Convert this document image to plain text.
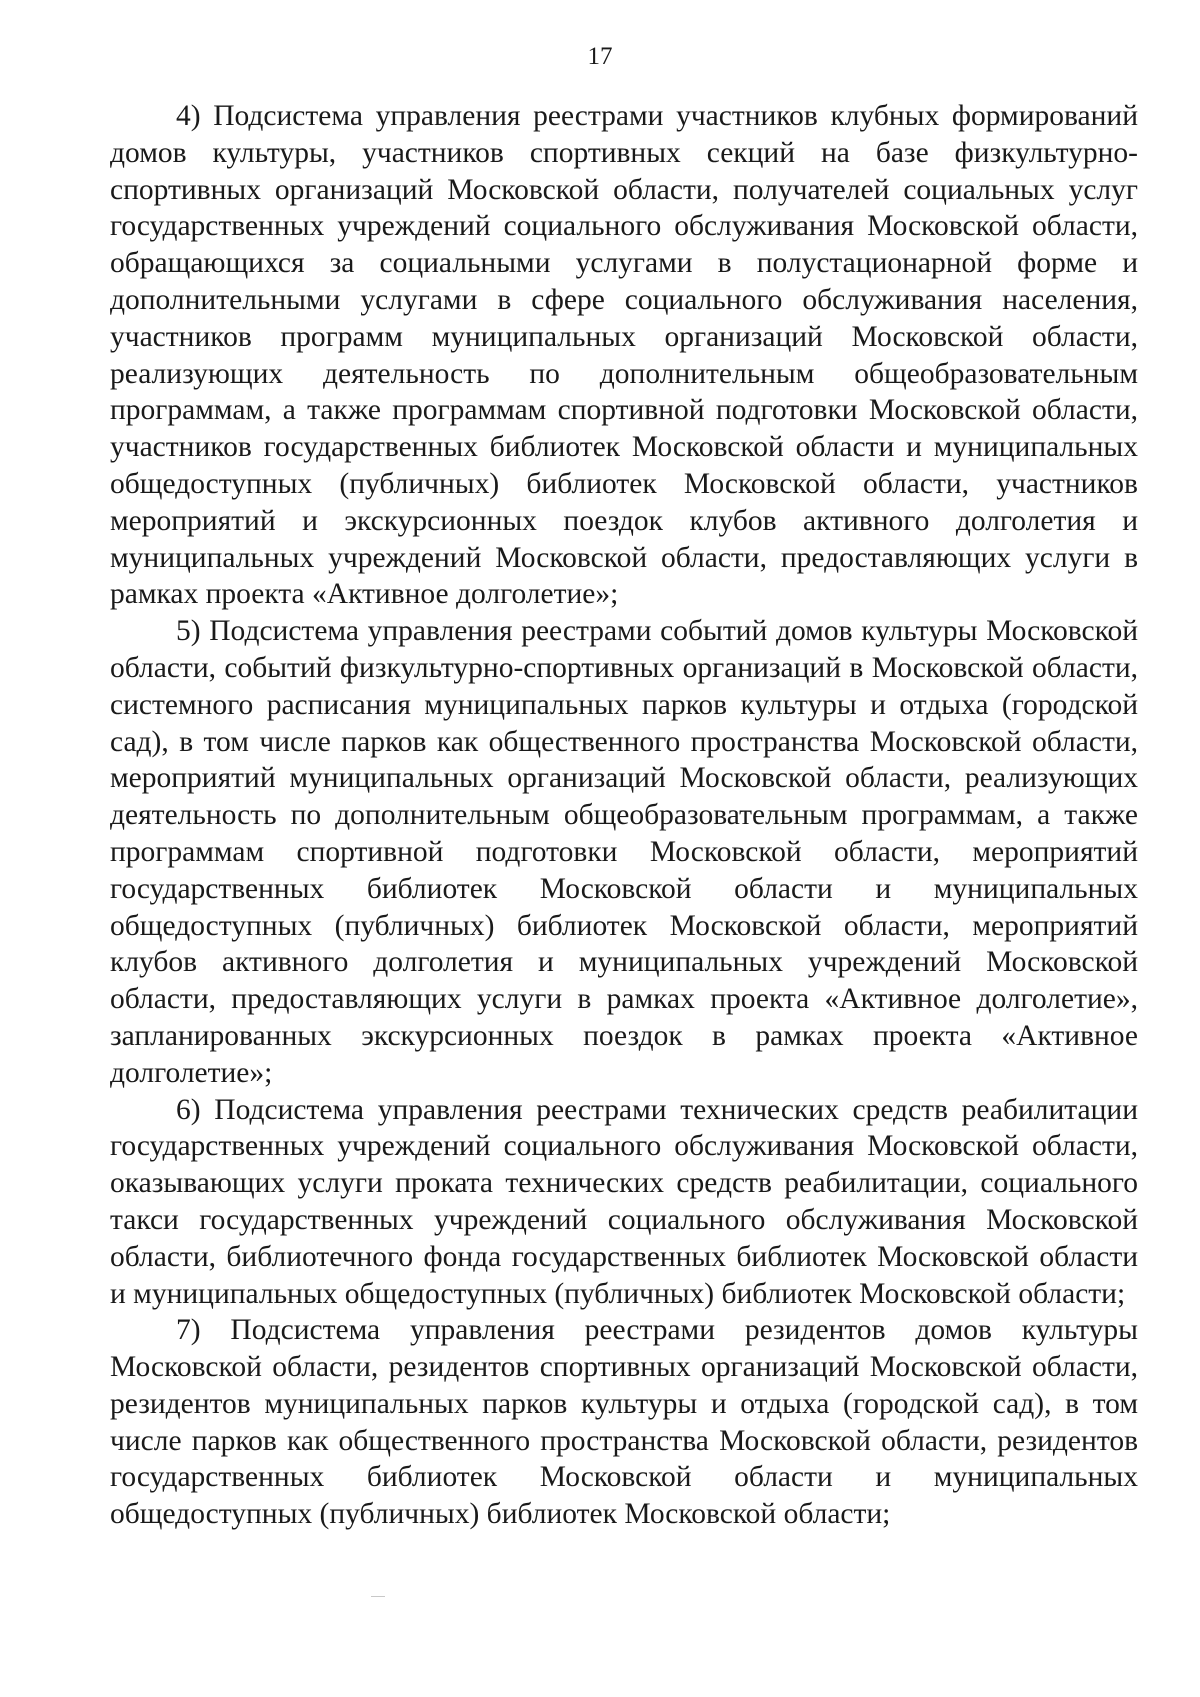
17

4) Подсистема управления реестрами участников клубных формирований домов культуры, участников спортивных секций на базе физкультурно-спортивных организаций Московской области, получателей социальных услуг государственных учреждений социального обслуживания Московской области, обращающихся за социальными услугами в полустационарной форме и дополнительными услугами в сфере социального обслуживания населения, участников программ муниципальных организаций Московской области, реализующих деятельность по дополнительным общеобразовательным программам, а также программам спортивной подготовки Московской области, участников государственных библиотек Московской области и муниципальных общедоступных (публичных) библиотек Московской области, участников мероприятий и экскурсионных поездок клубов активного долголетия и муниципальных учреждений Московской области, предоставляющих услуги в рамках проекта «Активное долголетие»;

5) Подсистема управления реестрами событий домов культуры Московской области, событий физкультурно-спортивных организаций в Московской области, системного расписания муниципальных парков культуры и отдыха (городской сад), в том числе парков как общественного пространства Московской области, мероприятий муниципальных организаций Московской области, реализующих деятельность по дополнительным общеобразовательным программам, а также программам спортивной подготовки Московской области, мероприятий государственных библиотек Московской области и муниципальных общедоступных (публичных) библиотек Московской области, мероприятий клубов активного долголетия и муниципальных учреждений Московской области, предоставляющих услуги в рамках проекта «Активное долголетие», запланированных экскурсионных поездок в рамках проекта «Активное долголетие»;

6) Подсистема управления реестрами технических средств реабилитации государственных учреждений социального обслуживания Московской области, оказывающих услуги проката технических средств реабилитации, социального такси государственных учреждений социального обслуживания Московской области, библиотечного фонда государственных библиотек Московской области и муниципальных общедоступных (публичных) библиотек Московской области;

7) Подсистема управления реестрами резидентов домов культуры Московской области, резидентов спортивных организаций Московской области, резидентов муниципальных парков культуры и отдыха (городской сад), в том числе парков как общественного пространства Московской области, резидентов государственных библиотек Московской области и муниципальных общедоступных (публичных) библиотек Московской области;
